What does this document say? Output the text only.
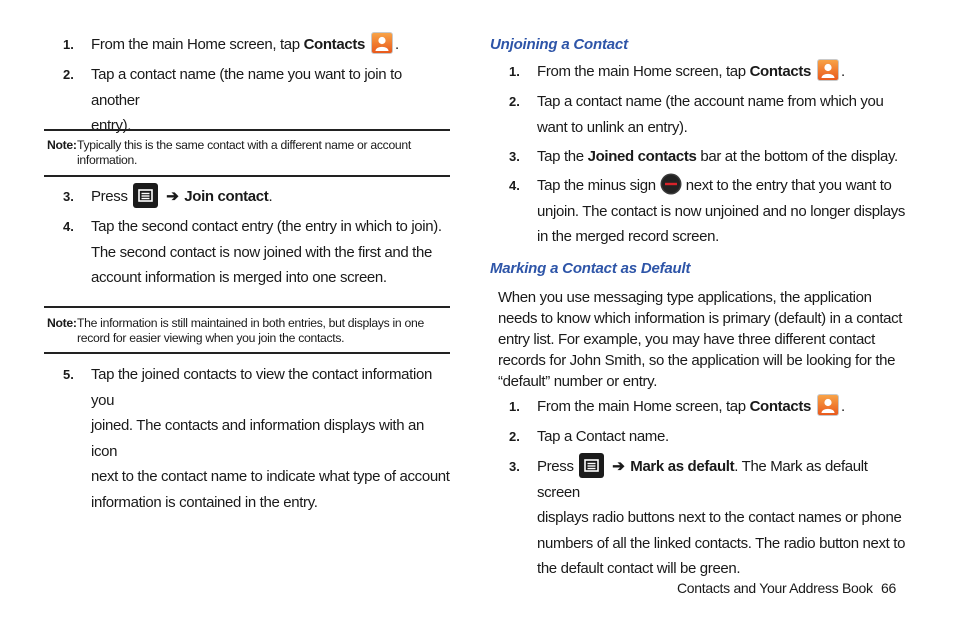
1. From the main Home screen, tap Contacts .
2. Tap a contact name (the name you want to join to another
entry).
Note: Typically this is the same contact with a different name or account
information.
3. Press	➔ Join contact.
4. Tap the second contact entry (the entry in which to join).
The second contact is now joined with the first and the
account information is merged into one screen.
Note: The information is still maintained in both entries, but displays in one
record for easier viewing when you join the contacts.
5. Tap the joined contacts to view the contact information you
joined. The contacts and information displays with an icon
next to the contact name to indicate what type of account
information is contained in the entry.
Unjoining a Contact
1. From the main Home screen, tap Contacts .
2. Tap a contact name (the account name from which you
want to unlink an entry).
3. Tap the Joined contacts bar at the bottom of the display.
4. Tap the minus sign next to the entry that you want to
unjoin. The contact is now unjoined and no longer displays
in the merged record screen.
Marking a Contact as Default
When you use messaging type applications, the application
needs to know which information is primary (default) in a contact
entry list. For example, you may have three different contact
records for John Smith, so the application will be looking for the
“default” number or entry.
1. From the main Home screen, tap Contacts .
2. Tap a Contact name.
3. Press	➔ Mark as default. The Mark as default screen
displays radio buttons next to the contact names or phone
numbers of all the linked contacts. The radio button next to
the default contact will be green.
Contacts and Your Address Book 66
